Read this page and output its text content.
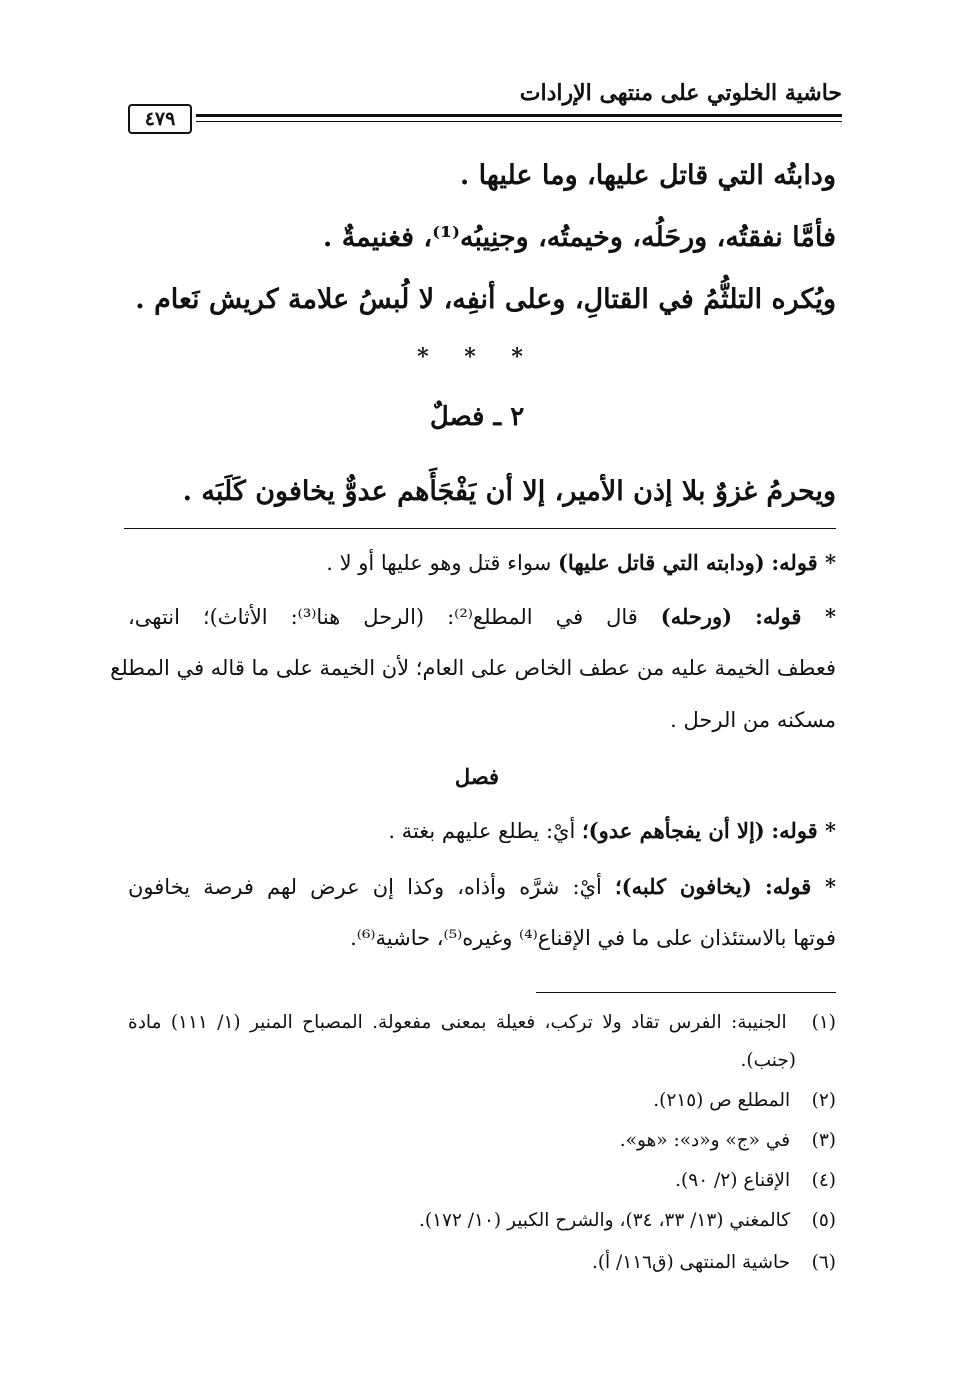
حاشية الخلوتي على منتهى الإرادات
٤٧٩
ودابتُه التي قاتل عليها، وما عليها .
فأمَّا نفقتُه، ورحَلُه، وخيمتُه، وجنِيبُه⁽¹⁾، فغنيمةٌ .
ويُكره التلثُّمُ في القتالِ، وعلى أنفِه، لا لُبسُ علامة كريش نَعام .
* * *
٢ ـ فصلٌ
ويحرمُ غزوٌ بلا إذن الأمير، إلا أن يَفْجَأَهم عدوٌّ يخافون كَلَبَه .
* قوله: (ودابته التي قاتل عليها) سواء قتل وهو عليها أو لا .
* قوله: (ورحله) قال في المطلع⁽²⁾: (الرحل هنا⁽³⁾: الأثاث)؛ انتهى،
فعطف الخيمة عليه من عطف الخاص على العام؛ لأن الخيمة على ما قاله في المطلع
مسكنه من الرحل .
فصل
* قوله: (إلا أن يفجأهم عدو)؛ أيْ: يطلع عليهم بغتة .
* قوله: (يخافون كلبه)؛ أيْ: شرَّه وأذاه، وكذا إن عرض لهم فرصة يخافون
فوتها بالاستئذان على ما في الإقناع⁽⁴⁾ وغيره⁽⁵⁾، حاشية⁽⁶⁾.
(١) الجنيبة: الفرس تقاد ولا تركب، فعيلة بمعنى مفعولة. المصباح المنير (١/ ١١١) مادة
(جنب).
(٢) المطلع ص (٢١٥).
(٣) في «ج» و«د»: «هو».
(٤) الإقناع (٢/ ٩٠).
(٥) كالمغني (١٣/ ٣٣، ٣٤)، والشرح الكبير (١٠/ ١٧٢).
(٦) حاشية المنتهى (ق١١٦/ أ).
